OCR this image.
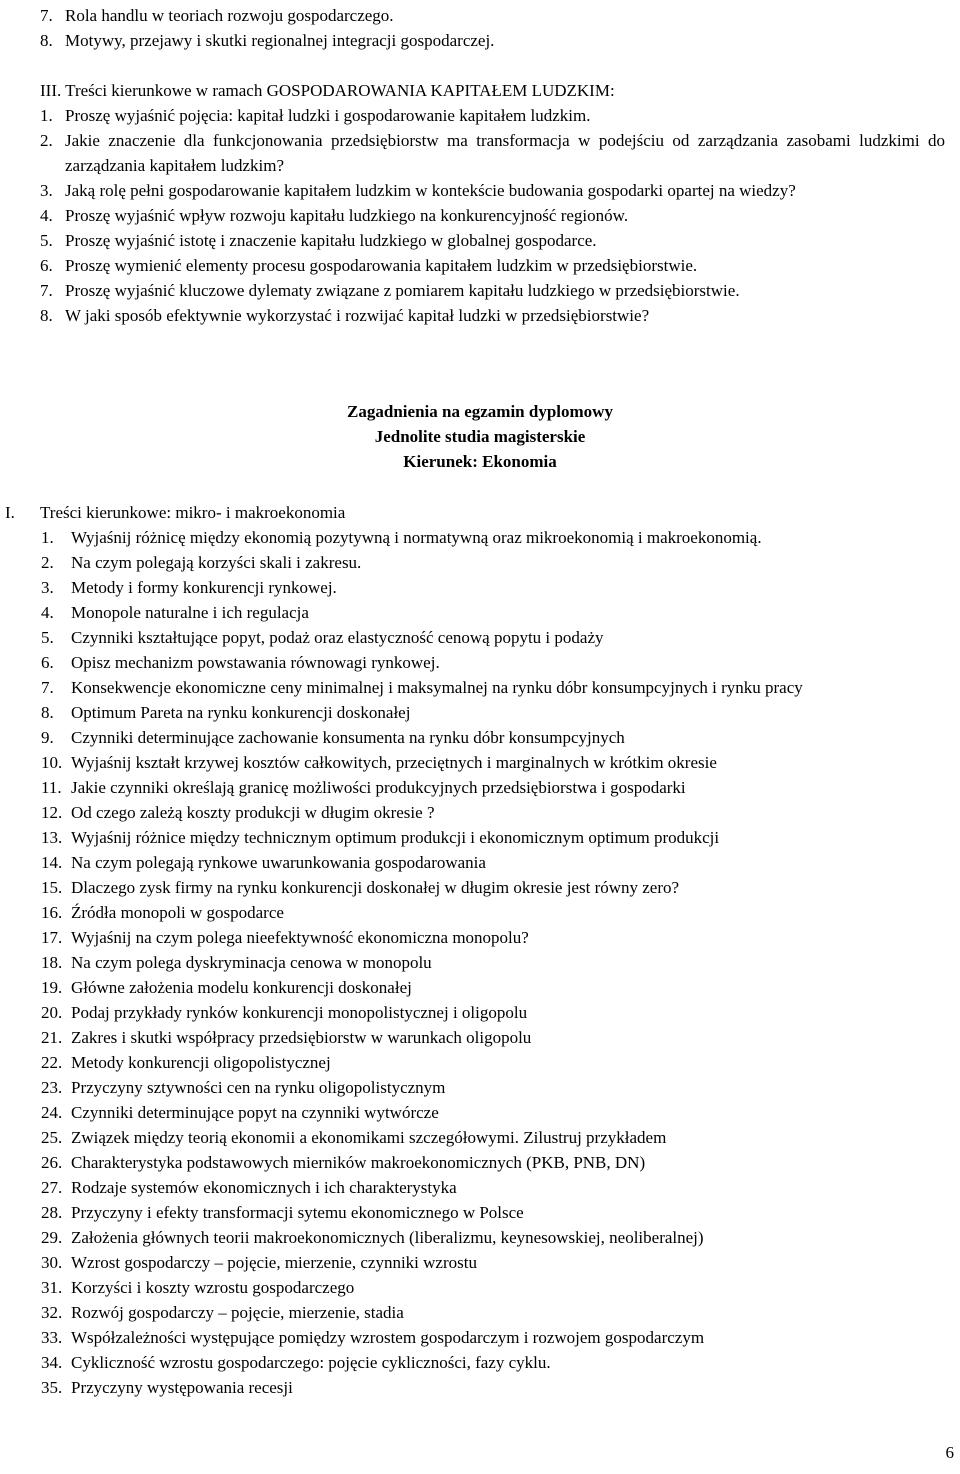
7. Rola handlu w teoriach rozwoju gospodarczego.
8. Motywy, przejawy i skutki regionalnej integracji gospodarczej.
III. Treści kierunkowe w ramach GOSPODAROWANIA KAPITAŁEM LUDZKIM:
1. Proszę wyjaśnić pojęcia: kapitał ludzki i gospodarowanie kapitałem ludzkim.
2. Jakie znaczenie dla funkcjonowania przedsiębiorstw ma transformacja w podejściu od zarządzania zasobami ludzkimi do zarządzania kapitałem ludzkim?
3. Jaką rolę pełni gospodarowanie kapitałem ludzkim w kontekście budowania gospodarki opartej na wiedzy?
4. Proszę wyjaśnić wpływ rozwoju kapitału ludzkiego na konkurencyjność regionów.
5. Proszę wyjaśnić istotę i znaczenie kapitału ludzkiego w globalnej gospodarce.
6. Proszę wymienić elementy procesu gospodarowania kapitałem ludzkim w przedsiębiorstwie.
7. Proszę wyjaśnić kluczowe dylematy związane z pomiarem kapitału ludzkiego w przedsiębiorstwie.
8. W jaki sposób efektywnie wykorzystać i rozwijać kapitał ludzki w przedsiębiorstwie?
Zagadnienia na egzamin dyplomowy
Jednolite studia magisterskie
Kierunek: Ekonomia
I.	Treści kierunkowe: mikro- i makroekonomia
1.	Wyjaśnij różnicę między ekonomią pozytywną i normatywną oraz mikroekonomią i makroekonomią.
2.	Na czym polegają korzyści skali i zakresu.
3.	Metody i formy konkurencji rynkowej.
4.	Monopole naturalne i ich regulacja
5.	Czynniki kształtujące popyt, podaż oraz elastyczność cenową popytu i podaży
6.	Opisz mechanizm powstawania równowagi rynkowej.
7.	Konsekwencje ekonomiczne ceny minimalnej i maksymalnej na rynku dóbr konsumpcyjnych i rynku pracy
8.	Optimum Pareta na rynku konkurencji doskonałej
9.	Czynniki determinujące zachowanie konsumenta na rynku dóbr konsumpcyjnych
10. Wyjaśnij kształt krzywej kosztów całkowitych, przeciętnych i marginalnych w krótkim okresie
11. Jakie czynniki określają granicę możliwości produkcyjnych przedsiębiorstwa i gospodarki
12. Od czego zależą koszty produkcji w długim okresie ?
13. Wyjaśnij różnice między technicznym optimum produkcji i ekonomicznym optimum produkcji
14. Na czym polegają rynkowe uwarunkowania gospodarowania
15. Dlaczego zysk firmy na rynku konkurencji doskonałej w długim okresie jest równy zero?
16. Źródła monopoli w gospodarce
17. Wyjaśnij na czym polega nieefektywność ekonomiczna monopolu?
18. Na czym polega dyskryminacja cenowa w monopolu
19. Główne założenia modelu konkurencji doskonałej
20. Podaj przykłady rynków konkurencji monopolistycznej i oligopolu
21. Zakres i skutki współpracy przedsiębiorstw w warunkach oligopolu
22. Metody konkurencji oligopolistycznej
23. Przyczyny sztywności cen na rynku oligopolistycznym
24. Czynniki determinujące popyt na czynniki wytwórcze
25. Związek między teorią ekonomii a ekonomikami szczegółowymi. Zilustruj przykładem
26. Charakterystyka podstawowych mierników makroekonomicznych (PKB, PNB, DN)
27. Rodzaje systemów ekonomicznych i ich charakterystyka
28. Przyczyny i efekty transformacji sytemu ekonomicznego w Polsce
29. Założenia głównych teorii makroekonomicznych (liberalizmu, keynesowskiej, neoliberalnej)
30. Wzrost gospodarczy – pojęcie, mierzenie, czynniki wzrostu
31. Korzyści i koszty wzrostu gospodarczego
32. Rozwój gospodarczy – pojęcie, mierzenie, stadia
33. Współzależności występujące pomiędzy wzrostem gospodarczym i rozwojem gospodarczym
34. Cykliczność wzrostu gospodarczego: pojęcie cykliczności, fazy cyklu.
35. Przyczyny występowania recesji
6
